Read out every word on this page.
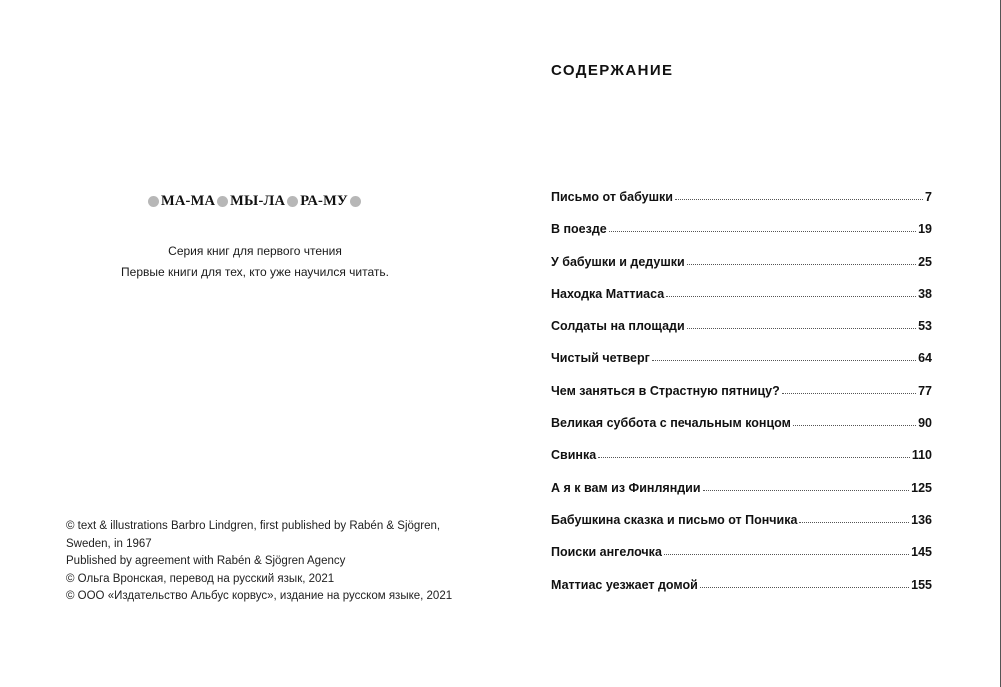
МА-МА МЫ-ЛА РА-МУ
Серия книг для первого чтения
Первые книги для тех, кто уже научился читать.
© text & illustrations Barbro Lindgren, first published by Rabén & Sjögren,
Sweden, in 1967
Published by agreement with Rabén & Sjögren Agency
© Ольга Вронская, перевод на русский язык, 2021
© ООО «Издательство Альбус корвус», издание на русском языке, 2021
СОДЕРЖАНИЕ
Письмо от бабушки	7
В поезде	19
У бабушки и дедушки	25
Находка Маттиаса	38
Солдаты на площади	53
Чистый четверг	64
Чем заняться в Страстную пятницу?	77
Великая суббота с печальным концом	90
Свинка	110
А я к вам из Финляндии	125
Бабушкина сказка и письмо от Пончика	136
Поиски ангелочка	145
Маттиас уезжает домой	155
